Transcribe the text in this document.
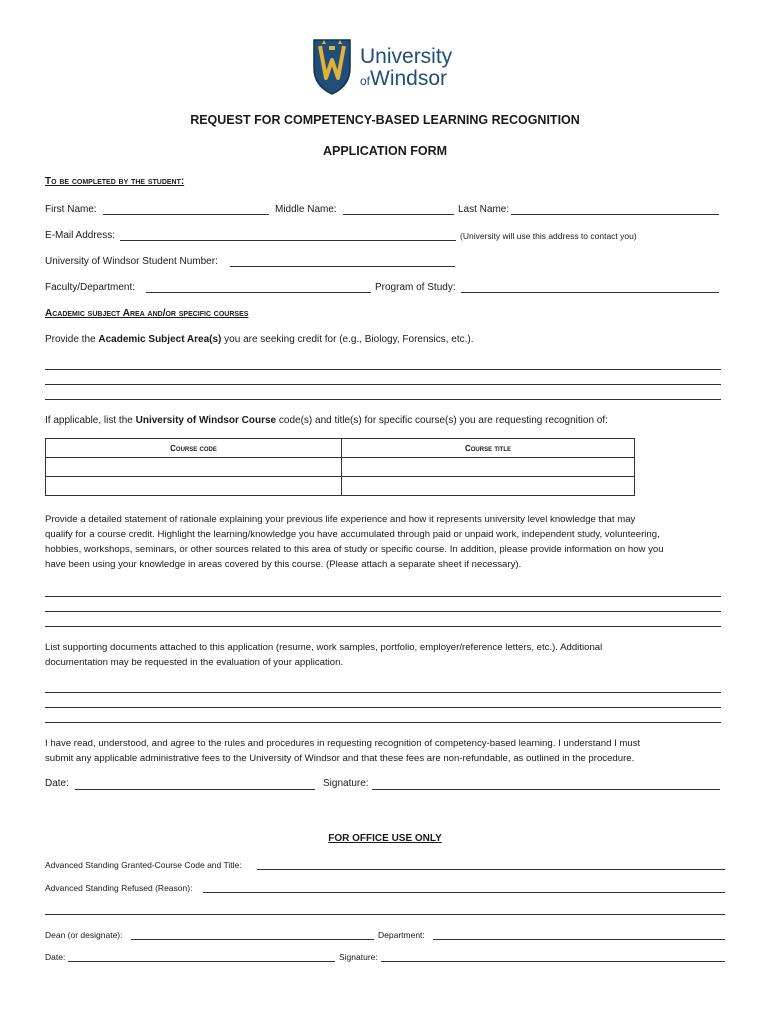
University
ofWindsor
REQUEST FOR COMPETENCY-BASED LEARNING RECOGNITION
APPLICATION FORM
To be completed by the student:
First Name:	Middle Name:	Last Name:
E-Mail Address:	(University will use this address to contact you)
University of Windsor Student Number:
Faculty/Department:	Program of Study:
Academic subject Area and/or specific courses
Provide the Academic Subject Area(s) you are seeking credit for (e.g., Biology, Forensics, etc.).
If applicable, list the University of Windsor Course code(s) and title(s) for specific course(s) you are requesting recognition of:
Course code	Course title

Provide a detailed statement of rationale explaining your previous life experience and how it represents university level knowledge that may
qualify for a course credit. Highlight the learning/knowledge you have accumulated through paid or unpaid work, independent study, volunteering,
hobbies, workshops, seminars, or other sources related to this area of study or specific course. In addition, please provide information on how you
have been using your knowledge in areas covered by this course. (Please attach a separate sheet if necessary).
List supporting documents attached to this application (resume, work samples, portfolio, employer/reference letters, etc.). Additional
documentation may be requested in the evaluation of your application.
I have read, understood, and agree to the rules and procedures in requesting recognition of competency-based learning. I understand I must
submit any applicable administrative fees to the University of Windsor and that these fees are non-refundable, as outlined in the procedure.
Date:	Signature:
FOR OFFICE USE ONLY
Advanced Standing Granted-Course Code and Title:
Advanced Standing Refused (Reason):
Dean (or designate):	Department:
Date:	Signature:
